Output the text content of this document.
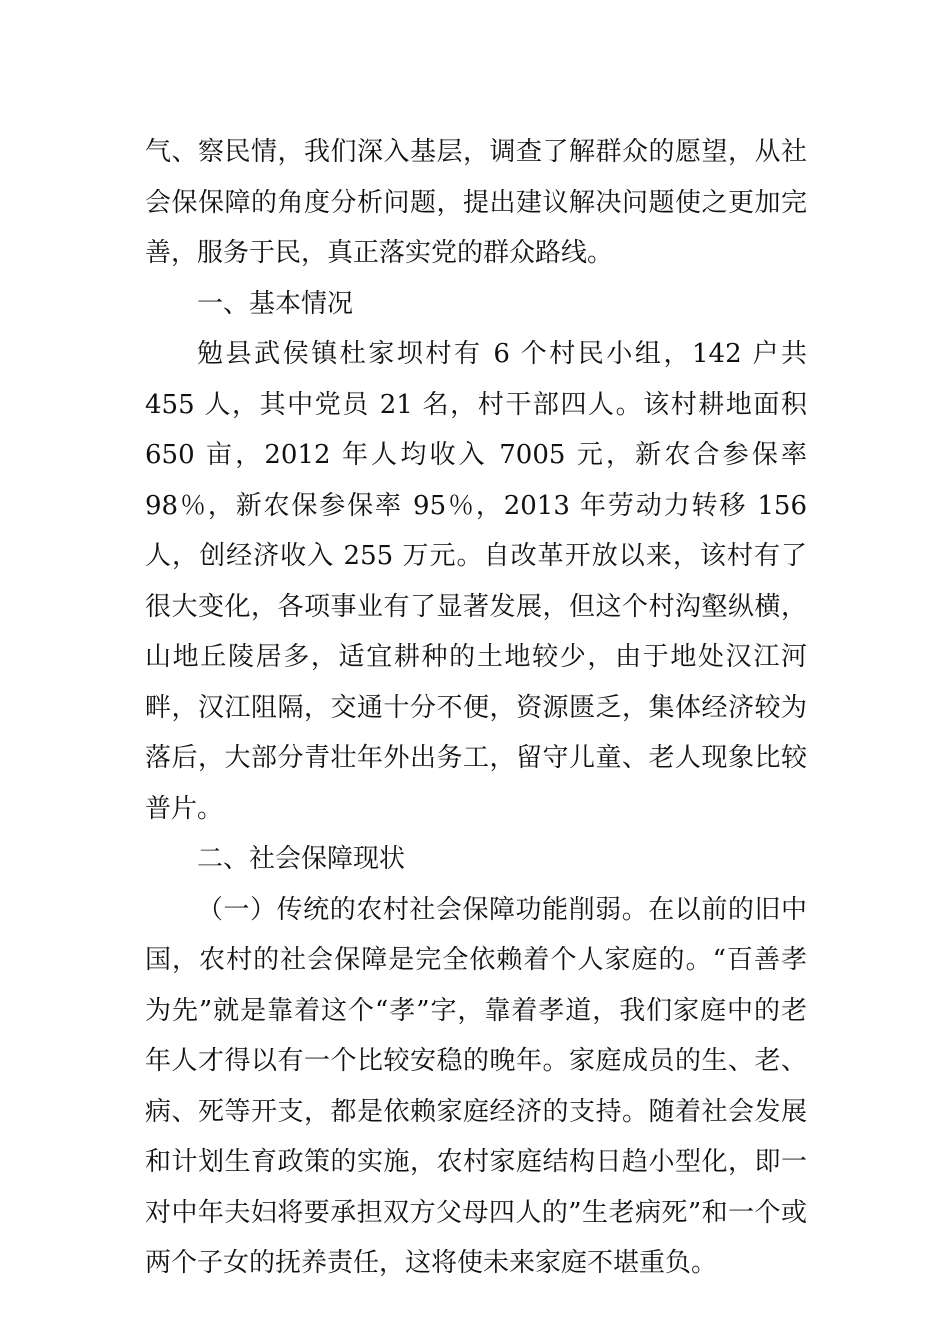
气、察民情，我们深入基层，调查了解群众的愿望，从社会保保障的角度分析问题，提出建议解决问题使之更加完善，服务于民，真正落实党的群众路线。

一、基本情况

勉县武侯镇杜家坝村有 6 个村民小组，142 户共 455 人，其中党员 21 名，村干部四人。该村耕地面积 650 亩，2012 年人均收入 7005 元，新农合参保率 98％，新农保参保率 95％，2013 年劳动力转移 156 人，创经济收入 255 万元。自改革开放以来，该村有了很大变化，各项事业有了显著发展，但这个村沟壑纵横，山地丘陵居多，适宜耕种的土地较少，由于地处汉江河畔，汉江阻隔，交通十分不便，资源匮乏，集体经济较为落后，大部分青壮年外出务工，留守儿童、老人现象比较普片。

二、社会保障现状

（一）传统的农村社会保障功能削弱。在以前的旧中国，农村的社会保障是完全依赖着个人家庭的。“百善孝为先”就是靠着这个“孝”字，靠着孝道，我们家庭中的老年人才得以有一个比较安稳的晚年。家庭成员的生、老、病、死等开支，都是依赖家庭经济的支持。随着社会发展和计划生育政策的实施，农村家庭结构日趋小型化，即一对中年夫妇将要承担双方父母四人的”生老病死”和一个或两个子女的抚养责任，这将使未来家庭不堪重负。
